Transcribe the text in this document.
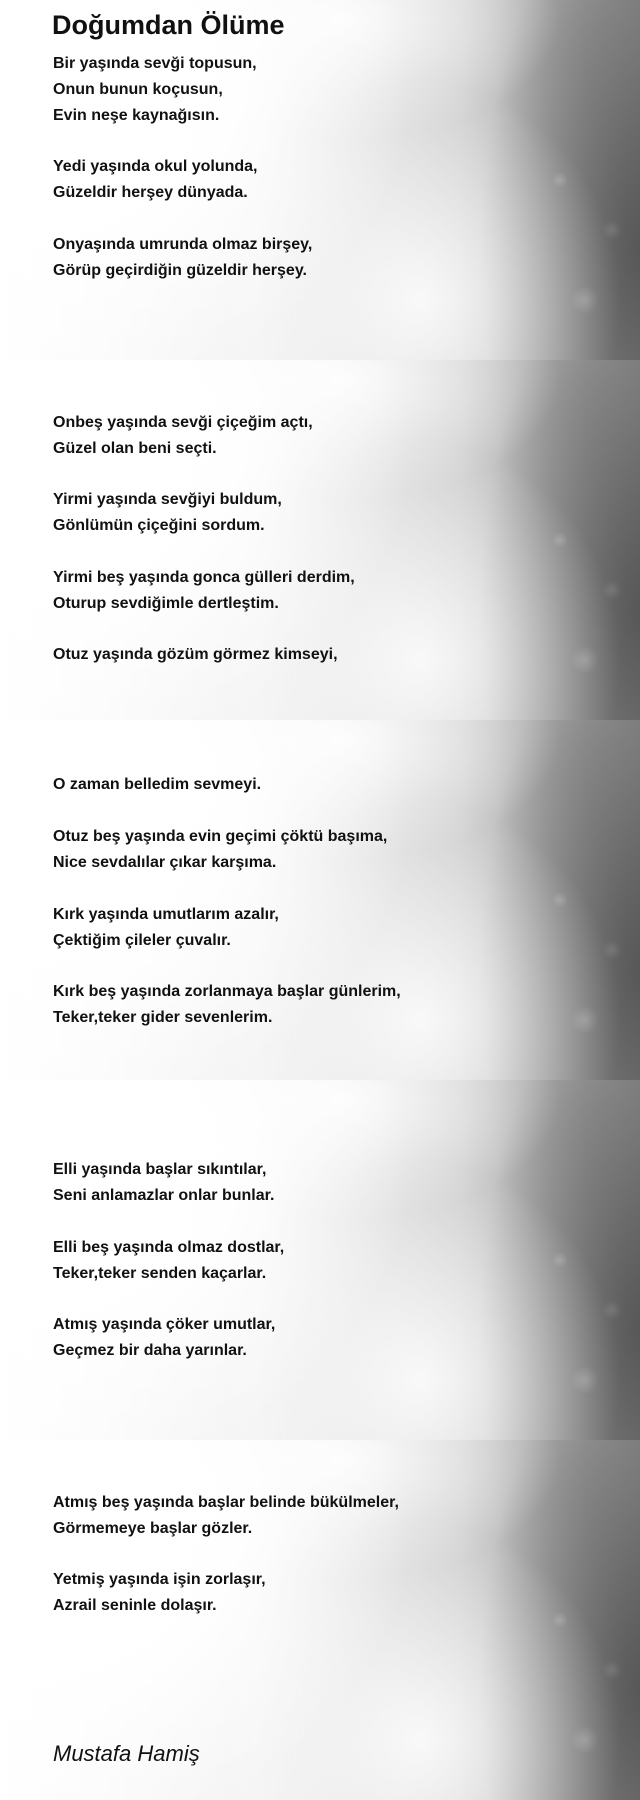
Doğumdan Ölüme

Bir yaşında sevği topusun,
Onun bunun koçusun,
Evin neşe kaynağısın.

Yedi yaşında okul yolunda,
Güzeldir herşey dünyada.

Onyaşında umrunda olmaz birşey,
Görüp geçirdiğin güzeldir herşey.

Onbeş yaşında sevği çiçeğim açtı,
Güzel olan beni seçti.

Yirmi yaşında sevğiyi buldum,
Gönlümün çiçeğini sordum.

Yirmi beş yaşında gonca gülleri derdim,
Oturup sevdiğimle dertleştim.

Otuz yaşında gözüm görmez kimseyi,

O zaman belledim sevmeyi.

Otuz beş yaşında evin geçimi çöktü başıma,
Nice sevdalılar çıkar karşıma.

Kırk yaşında umutlarım azalır,
Çektiğim çileler çuvalır.

Kırk beş yaşında zorlanmaya başlar günlerim,
Teker,teker gider sevenlerim.

Elli yaşında başlar sıkıntılar,
Seni anlamazlar onlar bunlar.

Elli beş yaşında olmaz dostlar,
Teker,teker senden kaçarlar.

Atmış yaşında çöker umutlar,
Geçmez bir daha yarınlar.

Atmış beş yaşında başlar belinde bükülmeler,
Görmemeye başlar gözler.

Yetmiş yaşında işin zorlaşır,
Azrail seninle dolaşır.

Mustafa Hamiş
